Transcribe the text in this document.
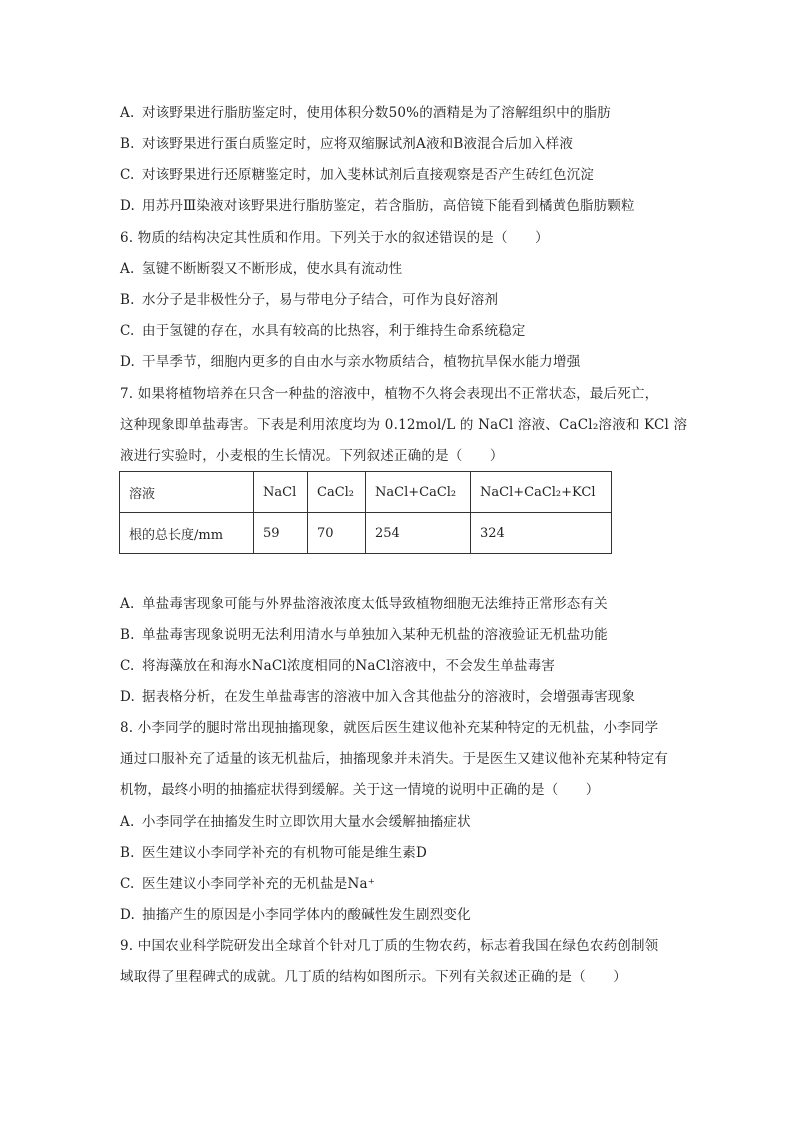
A. 对该野果进行脂肪鉴定时，使用体积分数50%的酒精是为了溶解组织中的脂肪
B. 对该野果进行蛋白质鉴定时，应将双缩脲试剂A液和B液混合后加入样液
C. 对该野果进行还原糖鉴定时，加入斐林试剂后直接观察是否产生砖红色沉淀
D. 用苏丹Ⅲ染液对该野果进行脂肪鉴定，若含脂肪，高倍镜下能看到橘黄色脂肪颗粒
6. 物质的结构决定其性质和作用。下列关于水的叙述错误的是（　　）
A. 氢键不断断裂又不断形成，使水具有流动性
B. 水分子是非极性分子，易与带电分子结合，可作为良好溶剂
C. 由于氢键的存在，水具有较高的比热容，利于维持生命系统稳定
D. 干旱季节，细胞内更多的自由水与亲水物质结合，植物抗旱保水能力增强
7. 如果将植物培养在只含一种盐的溶液中，植物不久将会表现出不正常状态，最后死亡，
这种现象即单盐毒害。下表是利用浓度均为 0.12mol/L 的 NaCl 溶液、CaCl₂溶液和 KCl 溶
液进行实验时，小麦根的生长情况。下列叙述正确的是（　　）
溶液	NaCl	CaCl₂	NaCl+CaCl₂	NaCl+CaCl₂+KCl
根的总长度/mm	59	70	254	324
A. 单盐毒害现象可能与外界盐溶液浓度太低导致植物细胞无法维持正常形态有关
B. 单盐毒害现象说明无法利用清水与单独加入某种无机盐的溶液验证无机盐功能
C. 将海藻放在和海水NaCl浓度相同的NaCl溶液中，不会发生单盐毒害
D. 据表格分析，在发生单盐毒害的溶液中加入含其他盐分的溶液时，会增强毒害现象
8. 小李同学的腿时常出现抽搐现象，就医后医生建议他补充某种特定的无机盐，小李同学
通过口服补充了适量的该无机盐后，抽搐现象并未消失。于是医生又建议他补充某种特定有
机物，最终小明的抽搐症状得到缓解。关于这一情境的说明中正确的是（　　）
A. 小李同学在抽搐发生时立即饮用大量水会缓解抽搐症状
B. 医生建议小李同学补充的有机物可能是维生素D
C. 医生建议小李同学补充的无机盐是Na⁺
D. 抽搐产生的原因是小李同学体内的酸碱性发生剧烈变化
9. 中国农业科学院研发出全球首个针对几丁质的生物农药，标志着我国在绿色农药创制领
域取得了里程碑式的成就。几丁质的结构如图所示。下列有关叙述正确的是（　　）
